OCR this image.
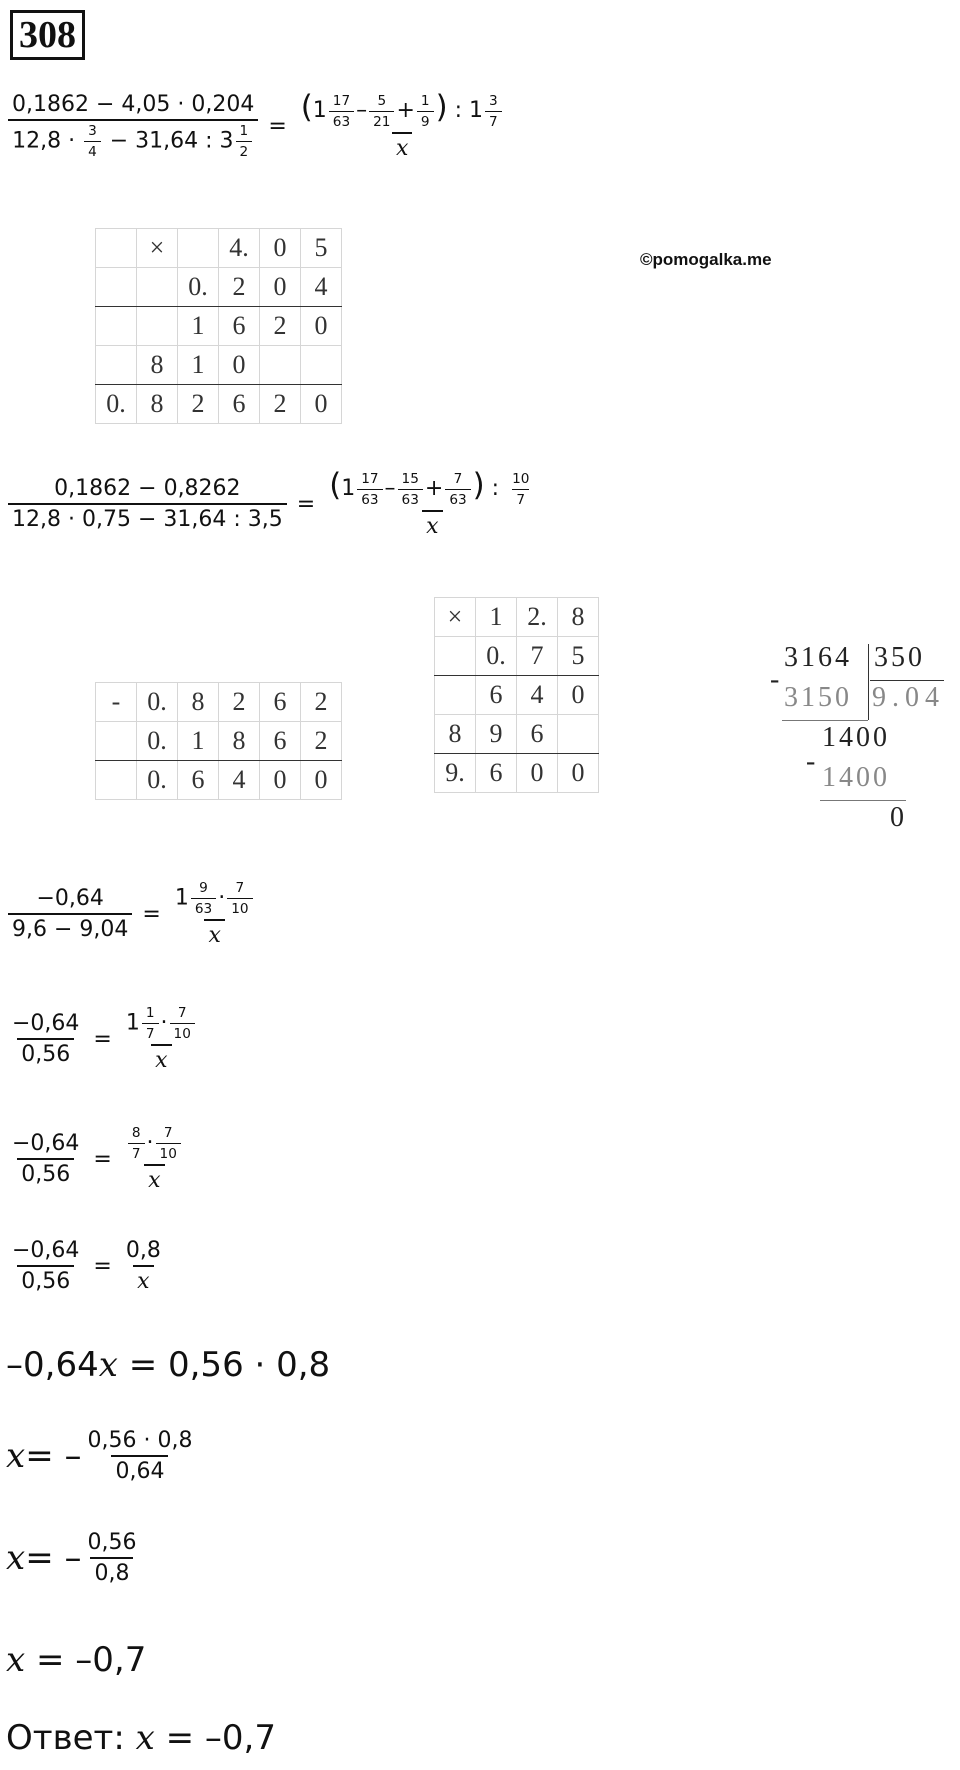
308
©pomogalka.me
$\frac{0,1862 - 4,05 \cdot 0,204}{12,8 \cdot \frac{3}{4} - 31,64 : 3 \frac{1}{2}} = \frac{(1 \frac{17}{63} - \frac{5}{21} + \frac{1}{9} ) : 1 \frac{3}{7}}{x}$
	×		4.	0	5
		0.	2	0	4
		1	6	2	0
	8	1	0		
0.	8	2	6	2	0
$\frac{0,1862 - 0,8262}{12,8 \cdot 0,75 - 31,64 : 3,5} = \frac{(1 \frac{17}{63} - \frac{15}{63} + \frac{7}{63} ) : \frac{10}{7}}{x}$
-	0.	8	2	6	2
	0.	1	8	6	2
	0.	6	4	0	0
×	1	2.	8
	0.	7	5
	6	4	0
8	9	6	
9.	6	0	0
3164 350
-
3150 9.04
1400
-
1400
0
$\frac{-0,64}{9,6 - 9,04} = \frac{1 \frac{9}{63} \cdot \frac{7}{10}}{x}$
$\frac{-0,64}{0,56} = \frac{1 \frac{1}{7} \cdot \frac{7}{10}}{x}$
$\frac{-0,64}{0,56} = \frac{\frac{8}{7} \cdot \frac{7}{10}}{x}$
$\frac{-0,64}{0,56} = \frac{0,8}{x}$
–0,64x = 0,56 · 0,8
x = – $\frac{0,56 \cdot 0,8}{0,64}$
x = – $\frac{0,56}{0,8}$
x = –0,7
Ответ: x = –0,7
